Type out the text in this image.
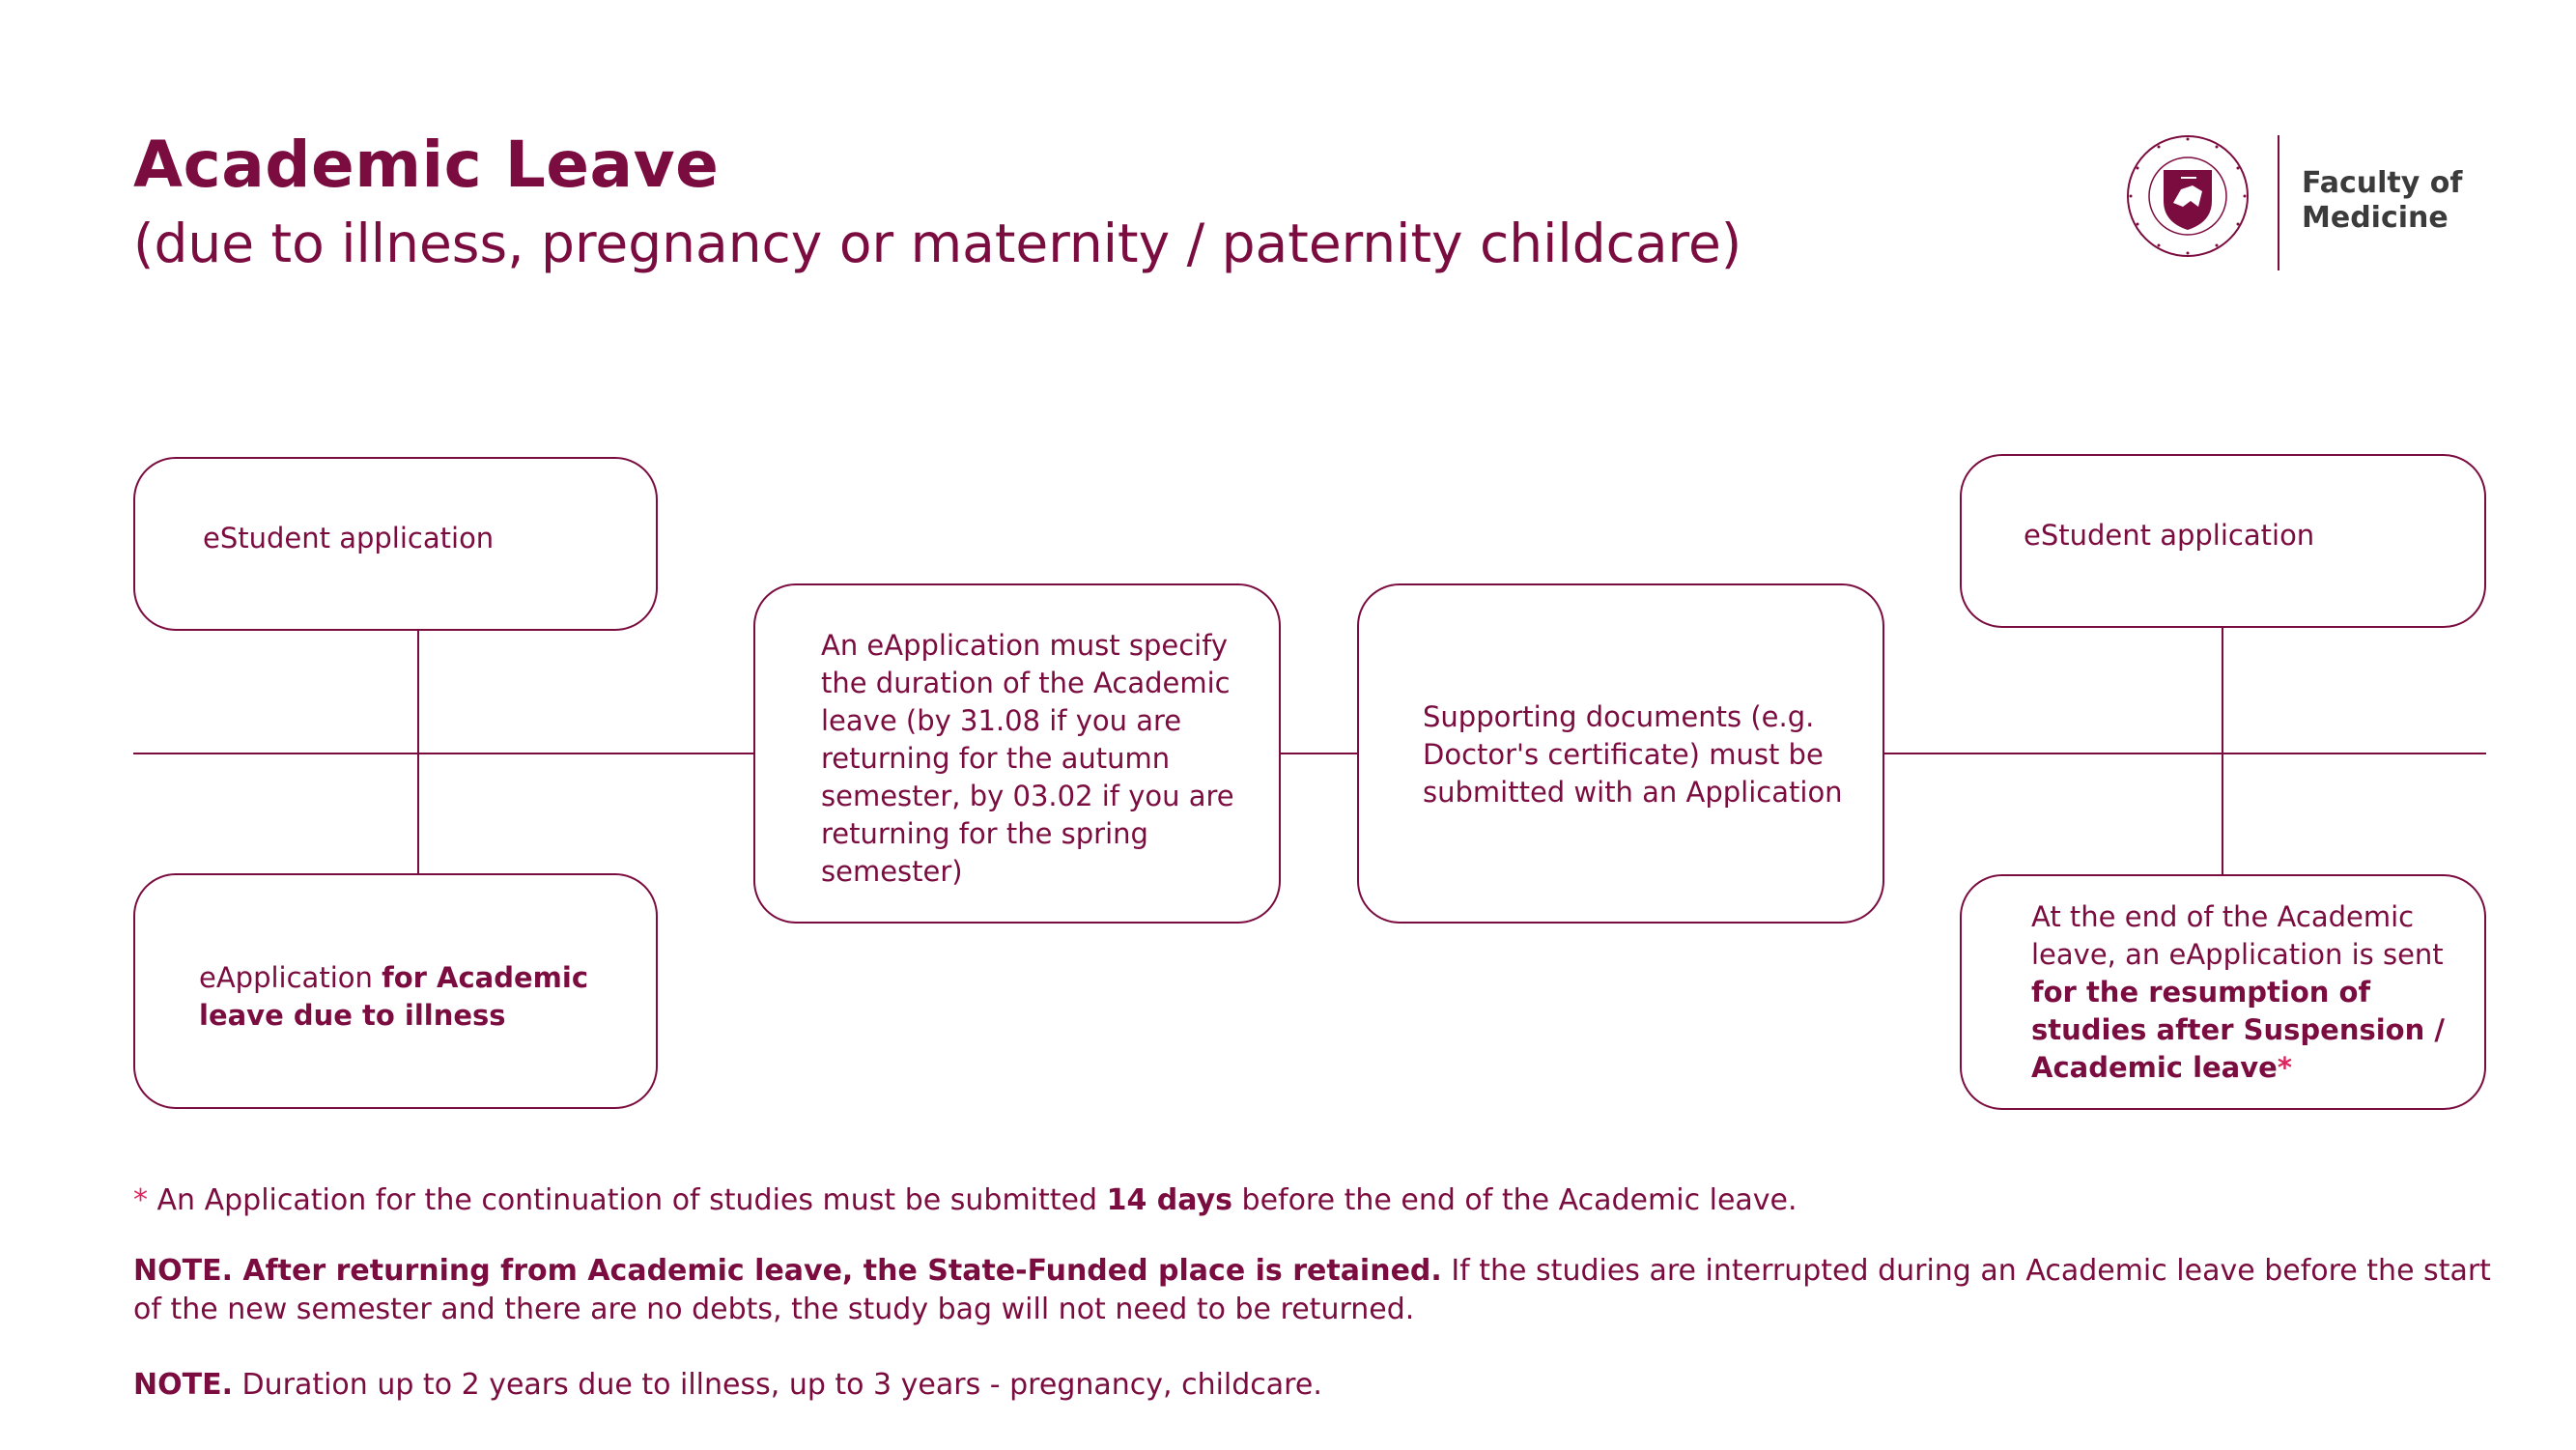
Academic Leave
(due to illness, pregnancy or maternity / paternity childcare)
Faculty of
Medicine
eStudent application
eApplication for Academic leave due to illness
An eApplication must specify the duration of the Academic leave (by 31.08 if you are returning for the autumn semester, by 03.02 if you are returning for the spring semester)
Supporting documents (e.g. Doctor's certificate) must be submitted with an Application
eStudent application
At the end of the Academic leave, an eApplication is sent for the resumption of studies after Suspension / Academic leave*

* An Application for the continuation of studies must be submitted 14 days before the end of the Academic leave.

NOTE. After returning from Academic leave, the State-Funded place is retained. If the studies are interrupted during an Academic leave before the start of the new semester and there are no debts, the study bag will not need to be returned.

NOTE. Duration up to 2 years due to illness, up to 3 years - pregnancy, childcare.
